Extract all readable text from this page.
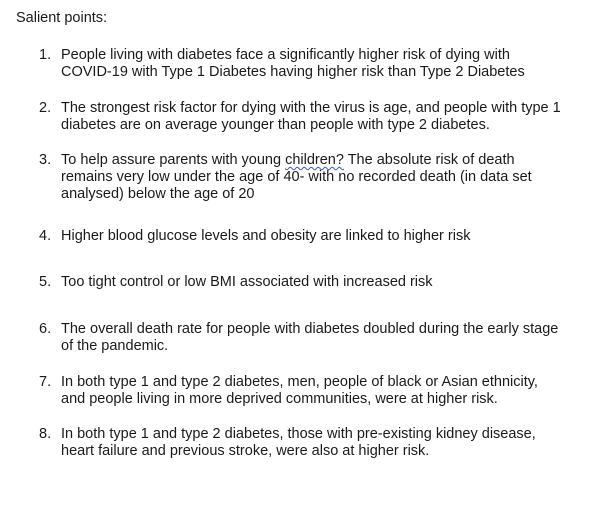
Salient points:
1. People living with diabetes face a significantly higher risk of dying with
COVID-19 with Type 1 Diabetes having higher risk than Type 2 Diabetes
2. The strongest risk factor for dying with the virus is age, and people with type 1
diabetes are on average younger than people with type 2 diabetes.
3. To help assure parents with young children? The absolute risk of death
remains very low under the age of 40- with no recorded death (in data set
analysed) below the age of 20
4. Higher blood glucose levels and obesity are linked to higher risk
5. Too tight control or low BMI associated with increased risk
6. The overall death rate for people with diabetes doubled during the early stage
of the pandemic.
7. In both type 1 and type 2 diabetes, men, people of black or Asian ethnicity,
and people living in more deprived communities, were at higher risk.
8. In both type 1 and type 2 diabetes, those with pre-existing kidney disease,
heart failure and previous stroke, were also at higher risk.
